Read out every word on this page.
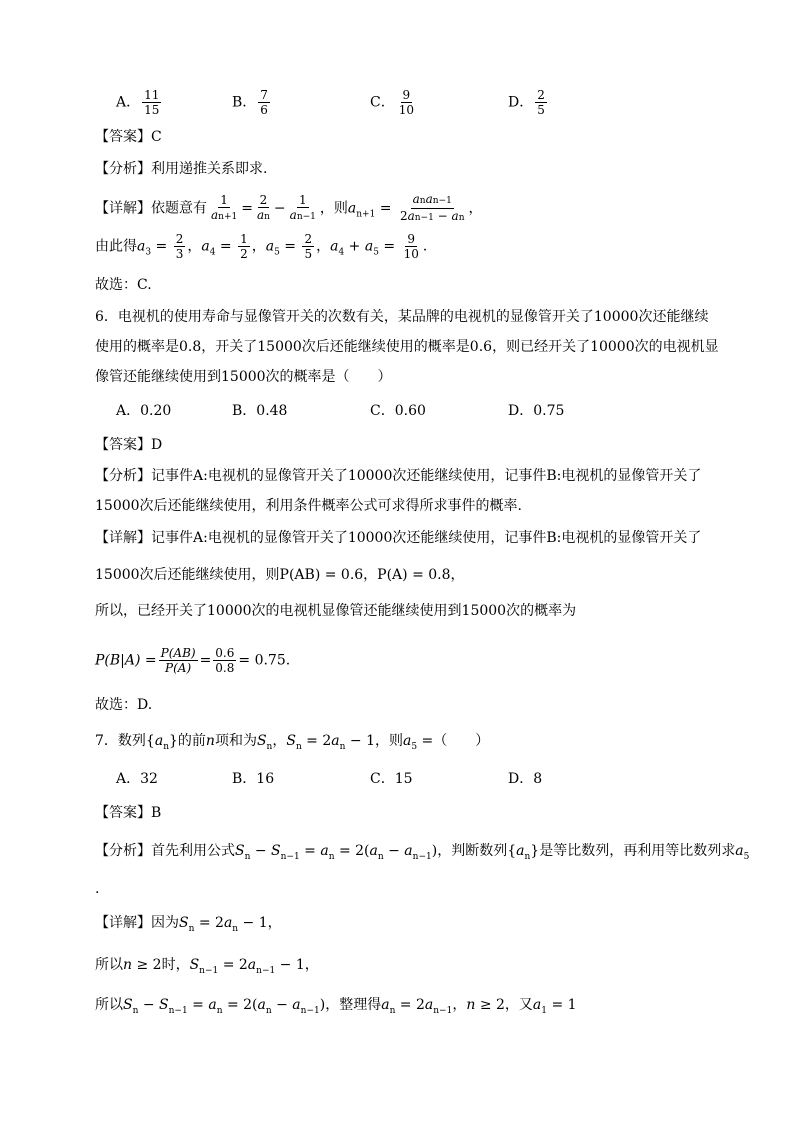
A． $\frac{11}{15}$	B． $\frac{7}{6}$	C． $\frac{9}{10}$	D． $\frac{2}{5}$
【答案】C
【分析】利用递推关系即求.
【详解】依题意有 $\frac{1}{an+1} = \frac{2}{an} - \frac{1}{an-1}$ ，则$a_{n+1} = \frac{\text{anan−1}}{2an-1 - an}$ ，
由此得$a_3 = \frac{2}{3}$ ，$a_4 = \frac{1}{2}$ ，$a_5 = \frac{2}{5}$ ，$a_4 + a_5 = \frac{9}{10}$ ．
故选：C.
6．电视机的使用寿命与显像管开关的次数有关，某品牌的电视机的显像管开关了10000次还能继续
使用的概率是0.8，开关了15000次后还能继续使用的概率是0.6，则已经开关了10000次的电视机显
像管还能继续使用到15000次的概率是（　　）
A．0.20	B．0.48	C．0.60	D．0.75
【答案】D
【分析】记事件A:电视机的显像管开关了10000次还能继续使用，记事件B:电视机的显像管开关了
15000次后还能继续使用，利用条件概率公式可求得所求事件的概率.
【详解】记事件A:电视机的显像管开关了10000次还能继续使用，记事件B:电视机的显像管开关了
15000次后还能继续使用，则P(AB) = 0.6，P(A) = 0.8，
所以，已经开关了10000次的电视机显像管还能继续使用到15000次的概率为
$P(B|A) = \frac{P(AB)}{P(A)} = \frac{0.6}{0.8} = 0.75$.
故选：D.
7．数列$\{a_n\}$的前n项和为$S_n$，$S_n = 2a_n - 1$，则$a_5$ =（　　）
A．32	B．16	C．15	D．8
【答案】B
【分析】首先利用公式$S_n - S_{n-1} = a_n = 2(a_n - a_{n-1})$，判断数列$\{a_n\}$是等比数列，再利用等比数列求$a_5$
.
【详解】因为$S_n = 2a_n - 1$，
所以n ≥ 2时，$S_{n-1} = 2a_{n-1} - 1$，
所以$S_n - S_{n-1} = a_n = 2(a_n - a_{n-1})$，整理得$a_n = 2a_{n-1}$，n ≥ 2，又$a_1 = 1$
